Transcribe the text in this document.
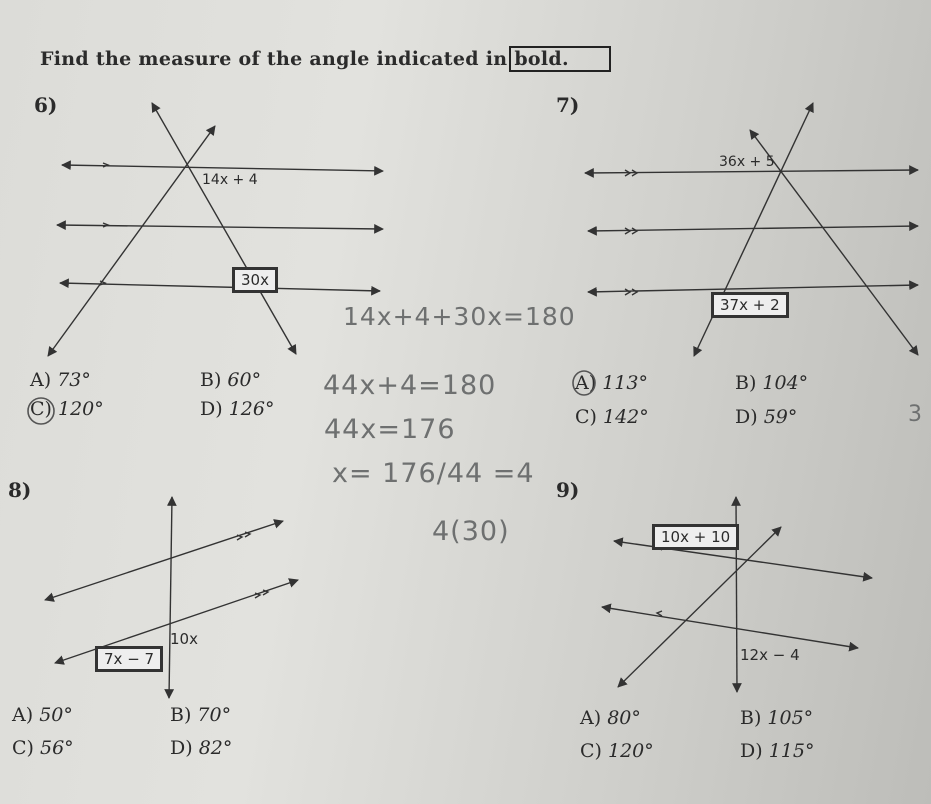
Find the measure of the angle indicated in bold.
6)
14x + 4
30x
A) 73°	B) 60°
C) 120°	D) 126°
7)
36x + 5
37x + 2
A) 113°	B) 104°
C) 142°	D) 59°
8)
10x
7x − 7
A) 50°	B) 70°
C) 56°	D) 82°
9)
10x + 10
12x − 4
A) 80°	B) 105°
C) 120°	D) 115°
14x+4+30x=180
44x+4=180
44x=176
x= 176/44 =4
4(30)
3
